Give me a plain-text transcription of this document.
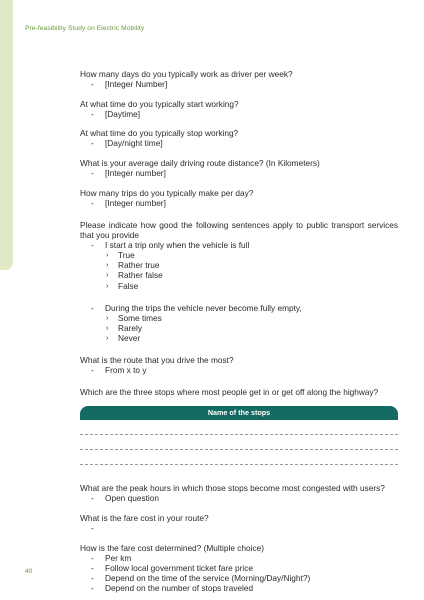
Pre-feasibility Study on Electric Mobility

How many days do you typically work as driver per week?

- [Integer Number]

At what time do you typically start working?

- [Daytime]

At what time do you typically stop working?

- [Day/night time]

What is your average daily driving route distance? (In Kilometers)

- [Integer number]

How many trips do you typically make per day?

- [Integer number]

Please indicate how good the following sentences apply to public transport services that you provide

- I start a trip only when the vehicle is full

› True

› Rather true

› Rather false

› False

- During the trips the vehicle never become fully empty,

› Some times

› Rarely

› Never

What is the route that you drive the most?

- From x to y

Which are the three stops where most people get in or get off along the highway?

Name of the stops

What are the peak hours in which those stops become most congested with users?

- Open question

What is the fare cost in your route?

-

How is the fare cost determined? (Multiple choice)

- Per km

- Follow local government ticket fare price

- Depend on the time of the service (Morning/Day/Night?)

- Depend on the number of stops traveled

40
